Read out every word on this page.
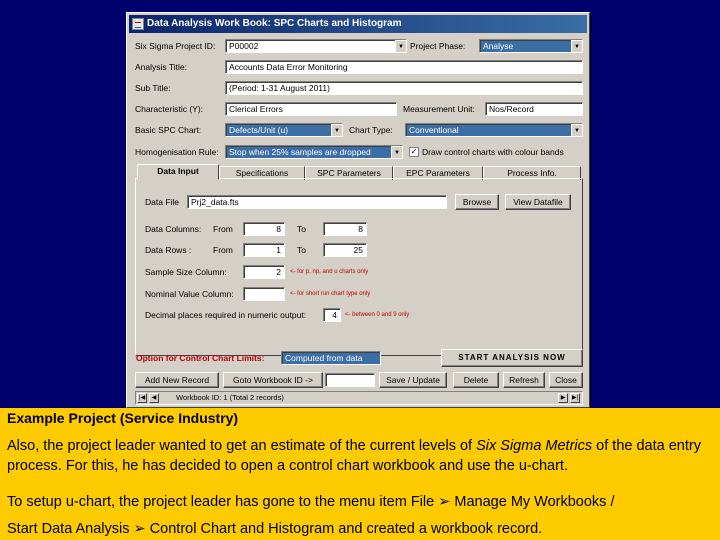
Data Analysis Work Book: SPC Charts and Histogram
Six Sigma Project ID:	P00002	▼ Project Phase:	Analyse	▼
Analysis Title:	Accounts Data Error Monitoring
Sub Title:	(Period: 1-31 August 2011)
Characteristic (Y):	Clerical Errors	Measurement Unit:	Nos/Record
Basic SPC Chart:	Defects/Unit (u)	▼ Chart Type:	Conventional	▼
Homogenisation Rule:	Stop when 25% samples are dropped	▼ ✓ Draw control charts with colour bands
Data Input	Specifications	SPC Parameters	EPC Parameters	Process Info.
Data File	Prj2_data.fts	Browse	View Datafile
Data Columns: From	8	To	8
Data Rows :	From	1	To	25
Sample Size Column:	2	<- for p, np, and u charts only
Nominal Value Column:	<- for short run chart type only
Decimal places required in numeric output:	4	<- between 0 and 9 only
Option for Control Chart Limits:	Computed from data	START ANALYSIS NOW
Add New Record	Goto Workbook ID ->	Save / Update	Delete	Refresh	Close
|◀	◀	Workbook ID: 1 (Total 2 records)	▶	▶|
Example Project (Service Industry)

Also, the project leader wanted to get an estimate of the current levels of Six Sigma Metrics of the data entry process. For this, he has decided to open a control chart workbook and use the u-chart.

To setup u-chart, the project leader has gone to the menu item File ➢ Manage My Workbooks /

Start Data Analysis ➢ Control Chart and Histogram and created a workbook record.
